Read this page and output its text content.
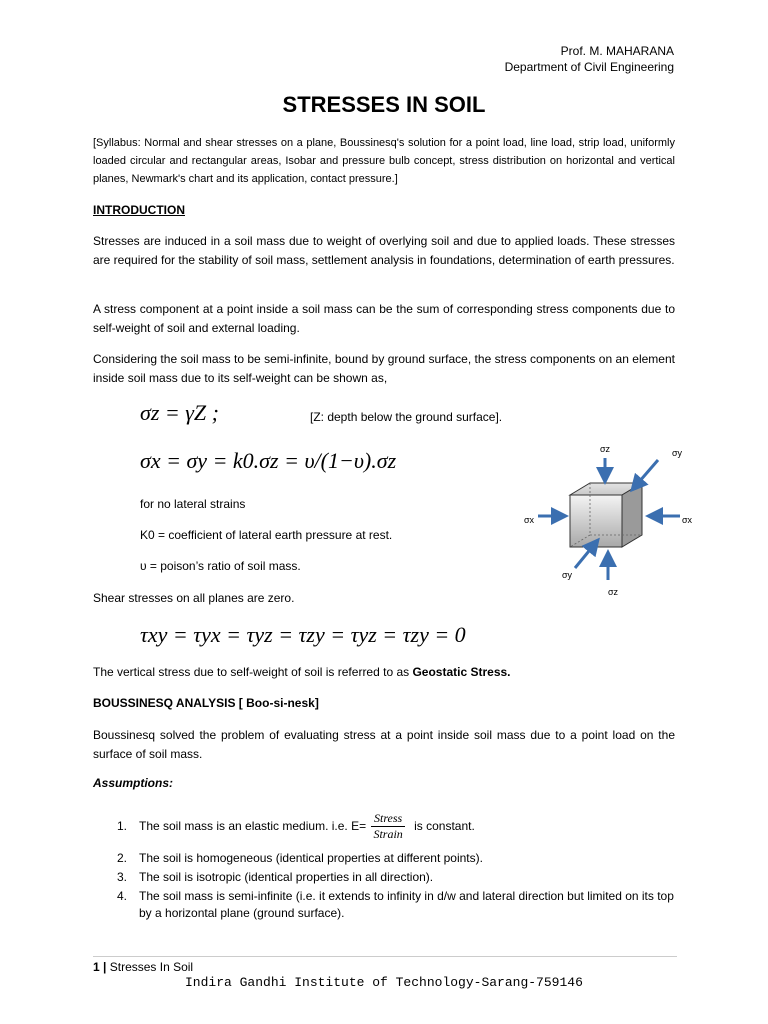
Prof. M. MAHARANA
Department of Civil Engineering
STRESSES IN SOIL
[Syllabus: Normal and shear stresses on a plane, Boussinesq's solution for a point load, line load, strip load, uniformly loaded circular and rectangular areas, Isobar and pressure bulb concept, stress distribution on horizontal and vertical planes, Newmark's chart and its application, contact pressure.]
INTRODUCTION
Stresses are induced in a soil mass due to weight of overlying soil and due to applied loads. These stresses are required for the stability of soil mass, settlement analysis in foundations, determination of earth pressures.
A stress component at a point inside a soil mass can be the sum of corresponding stress components due to self-weight of soil and external loading.
Considering the soil mass to be semi-infinite, bound by ground surface, the stress components on an element inside soil mass due to its self-weight can be shown as,
σz = γZ ;	[Z: depth below the ground surface].
σx = σy = k0.σz = υ/(1−υ).σz
for no lateral strains
K0 = coefficient of lateral earth pressure at rest.
υ = poison’s ratio of soil mass.
Shear stresses on all planes are zero.
τxy = τyx = τyz = τzy = τyz = τzy = 0
σz
σz
σy
σy
σx	σx
The vertical stress due to self-weight of soil is referred to as Geostatic Stress.
BOUSSINESQ ANALYSIS [ Boo-si-nesk]
Boussinesq solved the problem of evaluating stress at a point inside soil mass due to a point load on the surface of soil mass.
Assumptions:
1. The soil mass is an elastic medium. i.e. E=
Stress
Strain
is constant.
2. The soil is homogeneous (identical properties at different points).
3. The soil is isotropic (identical properties in all direction).
4. The soil mass is semi-infinite (i.e. it extends to infinity in d/w and lateral direction but limited on its top by a horizontal plane (ground surface).
1 | Stresses In Soil
Indira Gandhi Institute of Technology-Sarang-759146
